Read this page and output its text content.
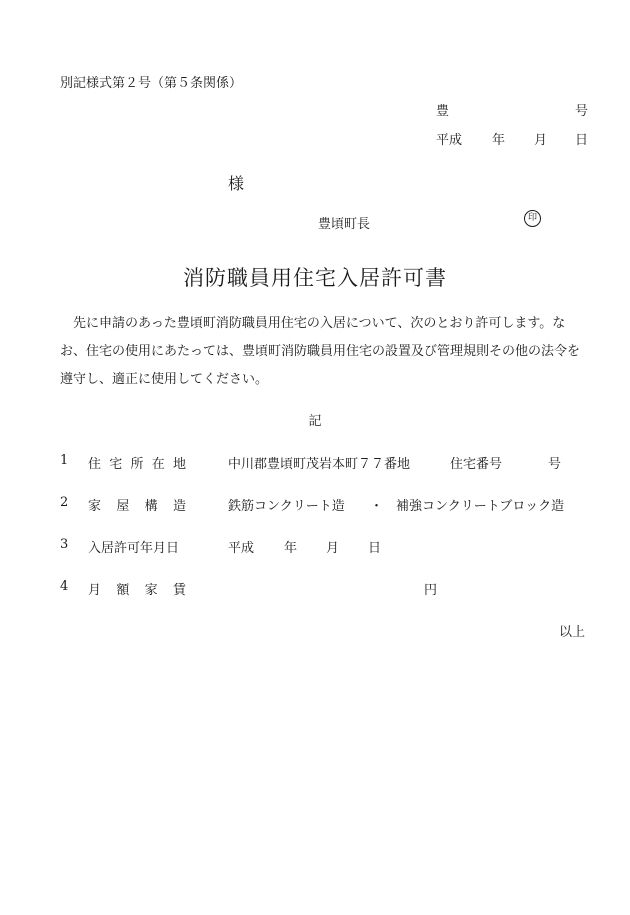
別記様式第２号（第５条関係）
豊	号
平成 年 月 日
様
豊頃町長	印
消防職員用住宅入居許可書
先に申請のあった豊頃町消防職員用住宅の入居について、次のとおり許可します。なお、住宅の使用にあたっては、豊頃町消防職員用住宅の設置及び管理規則その他の法令を遵守し、適正に使用してください。
記
1 住 宅 所 在 地	中川郡豊頃町茂岩本町７７番地	住宅番号	号
2 家 屋 構 造	鉄筋コンクリート造 ・ 補強コンクリートブロック造
3 入居許可年月日	平成 年 月 日
4 月 額 家 賃	円
以上
